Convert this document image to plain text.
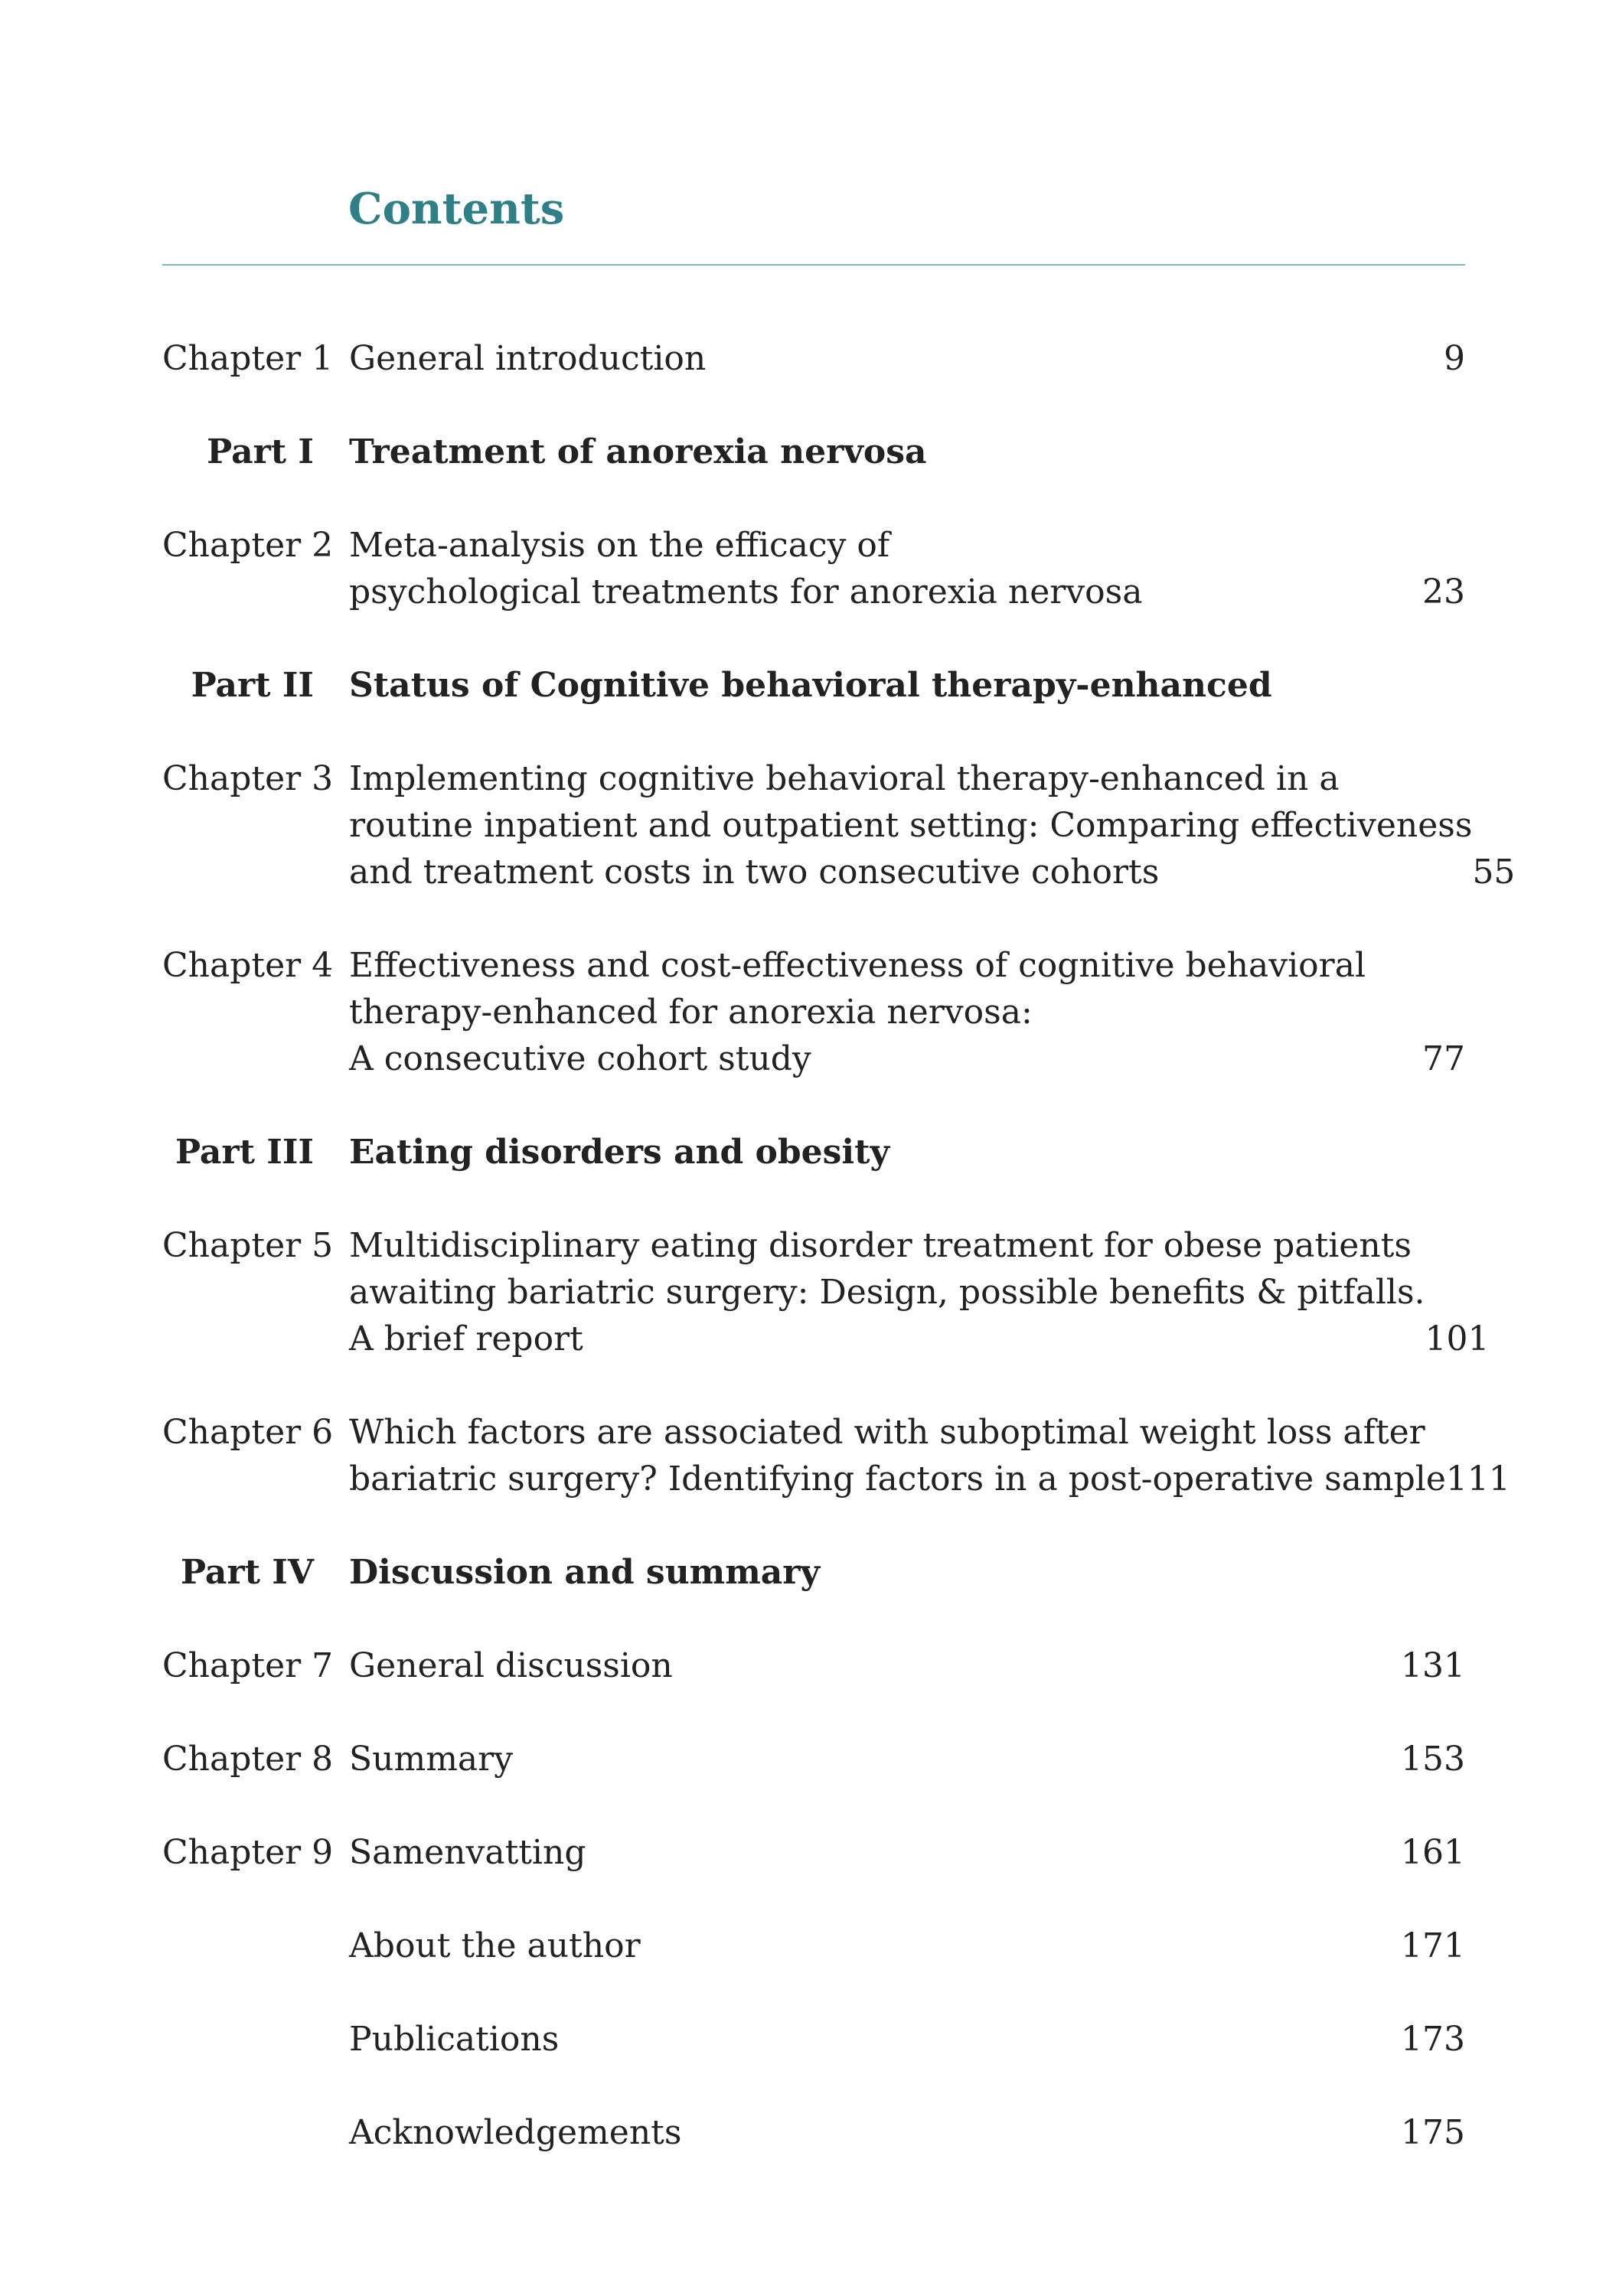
Contents
Chapter 1 General introduction	9
Part I Treatment of anorexia nervosa
Chapter 2 Meta-analysis on the efficacy of
psychological treatments for anorexia nervosa	23
Part II Status of Cognitive behavioral therapy-enhanced
Chapter 3 Implementing cognitive behavioral therapy-enhanced in a
routine inpatient and outpatient setting: Comparing effectiveness
and treatment costs in two consecutive cohorts	55
Chapter 4 Effectiveness and cost-effectiveness of cognitive behavioral
therapy-enhanced for anorexia nervosa:
A consecutive cohort study	77
Part III Eating disorders and obesity
Chapter 5 Multidisciplinary eating disorder treatment for obese patients
awaiting bariatric surgery: Design, possible benefits & pitfalls.
A brief report	101
Chapter 6 Which factors are associated with suboptimal weight loss after
bariatric surgery? Identifying factors in a post-operative sample 111
Part IV Discussion and summary
Chapter 7 General discussion	131
Chapter 8 Summary	153
Chapter 9 Samenvatting	161
About the author	171
Publications	173
Acknowledgements	175
